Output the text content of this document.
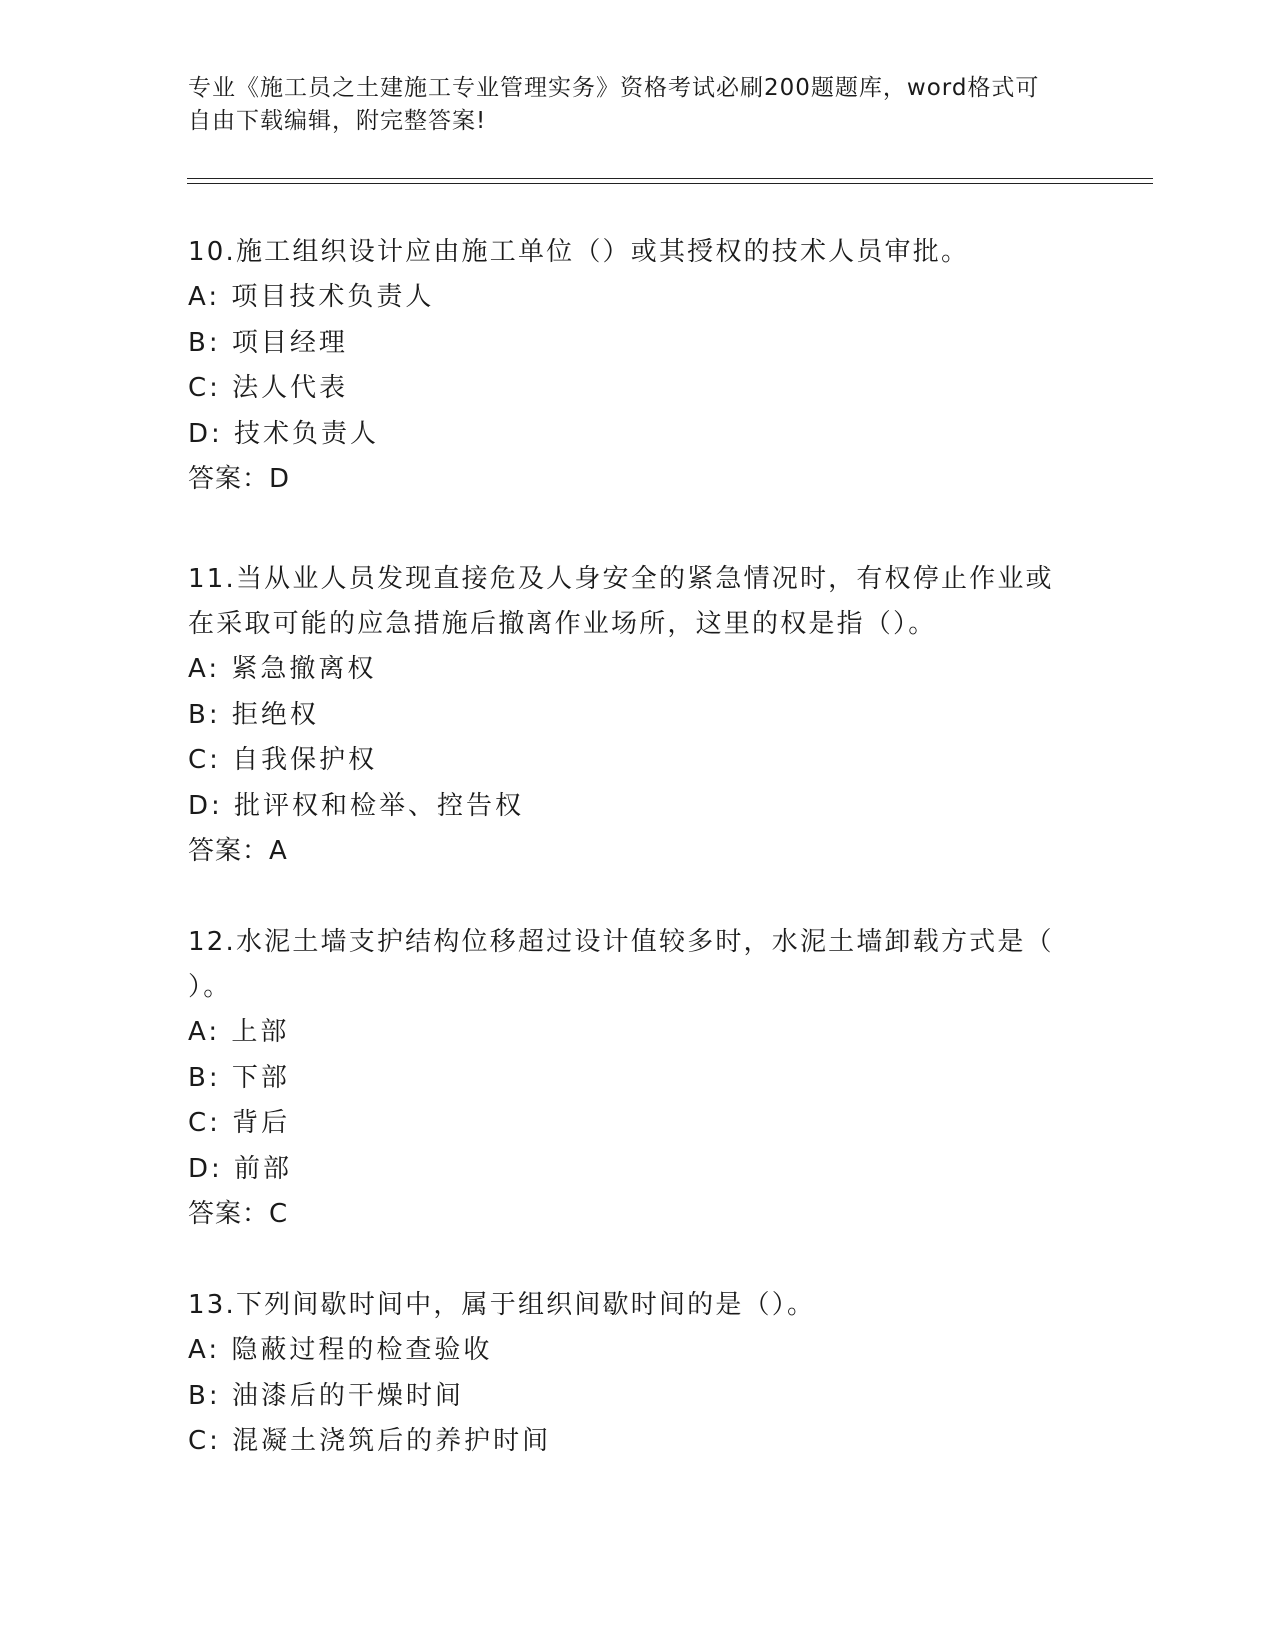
专业《施工员之土建施工专业管理实务》资格考试必刷200题题库，word格式可
自由下载编辑，附完整答案!

10.施工组织设计应由施工单位（）或其授权的技术人员审批。

A: 项目技术负责人

B: 项目经理

C: 法人代表

D: 技术负责人

答案：D

11.当从业人员发现直接危及人身安全的紧急情况时，有权停止作业或

在采取可能的应急措施后撤离作业场所，这里的权是指（）。

A: 紧急撤离权

B: 拒绝权

C: 自我保护权

D: 批评权和检举、控告权

答案：A

12.水泥土墙支护结构位移超过设计值较多时，水泥土墙卸载方式是（

）。

A: 上部

B: 下部

C: 背后

D: 前部

答案：C

13.下列间歇时间中，属于组织间歇时间的是（）。

A: 隐蔽过程的检查验收

B: 油漆后的干燥时间

C: 混凝土浇筑后的养护时间
